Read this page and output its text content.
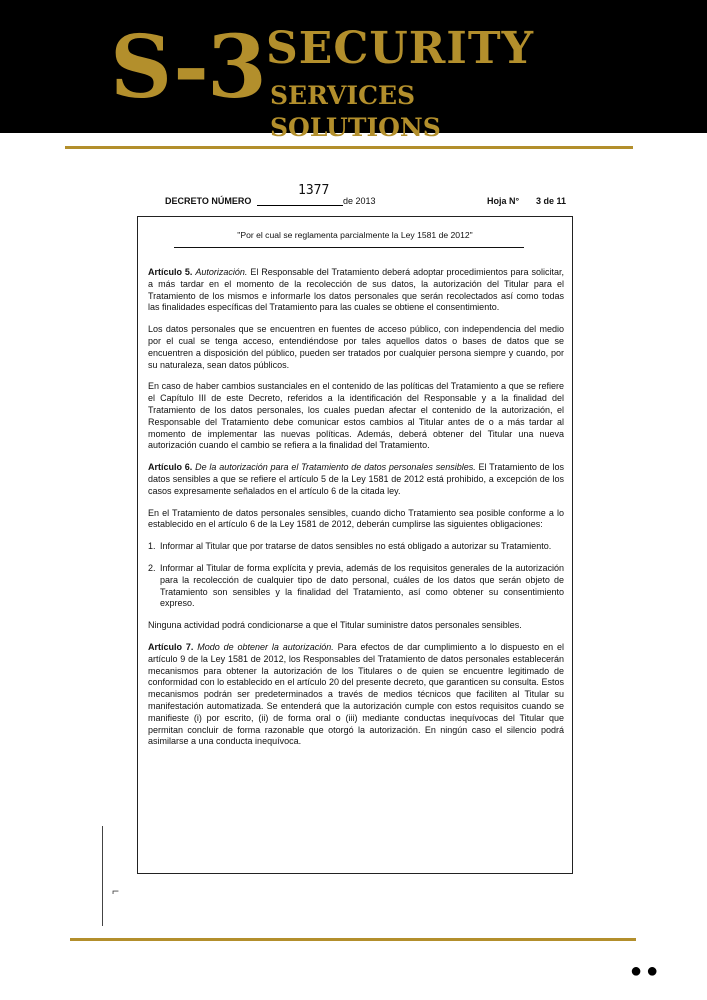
S-3 SECURITY
SERVICES SOLUTIONS
DECRETO NÚMERO
1377
de 2013	Hoja N° 3 de 11
"Por el cual se reglamenta parcialmente la Ley 1581 de 2012"

Artículo 5. Autorización. El Responsable del Tratamiento deberá adoptar procedimientos para solicitar, a más tardar en el momento de la recolección de sus datos, la autorización del Titular para el Tratamiento de los mismos e informarle los datos personales que serán recolectados así como todas las finalidades específicas del Tratamiento para las cuales se obtiene el consentimiento.

Los datos personales que se encuentren en fuentes de acceso público, con independencia del medio por el cual se tenga acceso, entendiéndose por tales aquellos datos o bases de datos que se encuentren a disposición del público, pueden ser tratados por cualquier persona siempre y cuando, por su naturaleza, sean datos públicos.

En caso de haber cambios sustanciales en el contenido de las políticas del Tratamiento a que se refiere el Capítulo III de este Decreto, referidos a la identificación del Responsable y a la finalidad del Tratamiento de los datos personales, los cuales puedan afectar el contenido de la autorización, el Responsable del Tratamiento debe comunicar estos cambios al Titular antes de o a más tardar al momento de implementar las nuevas políticas. Además, deberá obtener del Titular una nueva autorización cuando el cambio se refiera a la finalidad del Tratamiento.

Artículo 6. De la autorización para el Tratamiento de datos personales sensibles. El Tratamiento de los datos sensibles a que se refiere el artículo 5 de la Ley 1581 de 2012 está prohibido, a excepción de los casos expresamente señalados en el artículo 6 de la citada ley.

En el Tratamiento de datos personales sensibles, cuando dicho Tratamiento sea posible conforme a lo establecido en el artículo 6 de la Ley 1581 de 2012, deberán cumplirse las siguientes obligaciones:

1. Informar al Titular que por tratarse de datos sensibles no está obligado a autorizar su Tratamiento.

2. Informar al Titular de forma explícita y previa, además de los requisitos generales de la autorización para la recolección de cualquier tipo de dato personal, cuáles de los datos que serán objeto de Tratamiento son sensibles y la finalidad del Tratamiento, así como obtener su consentimiento expreso.

Ninguna actividad podrá condicionarse a que el Titular suministre datos personales sensibles.

Artículo 7. Modo de obtener la autorización. Para efectos de dar cumplimiento a lo dispuesto en el artículo 9 de la Ley 1581 de 2012, los Responsables del Tratamiento de datos personales establecerán mecanismos para obtener la autorización de los Titulares o de quien se encuentre legitimado de conformidad con lo establecido en el artículo 20 del presente decreto, que garanticen su consulta. Estos mecanismos podrán ser predeterminados a través de medios técnicos que faciliten al Titular su manifestación automatizada. Se entenderá que la autorización cumple con estos requisitos cuando se manifieste (i) por escrito, (ii) de forma oral o (iii) mediante conductas inequívocas del Titular que permitan concluir de forma razonable que otorgó la autorización. En ningún caso el silencio podrá asimilarse a una conducta inequívoca.

⌐
●●
